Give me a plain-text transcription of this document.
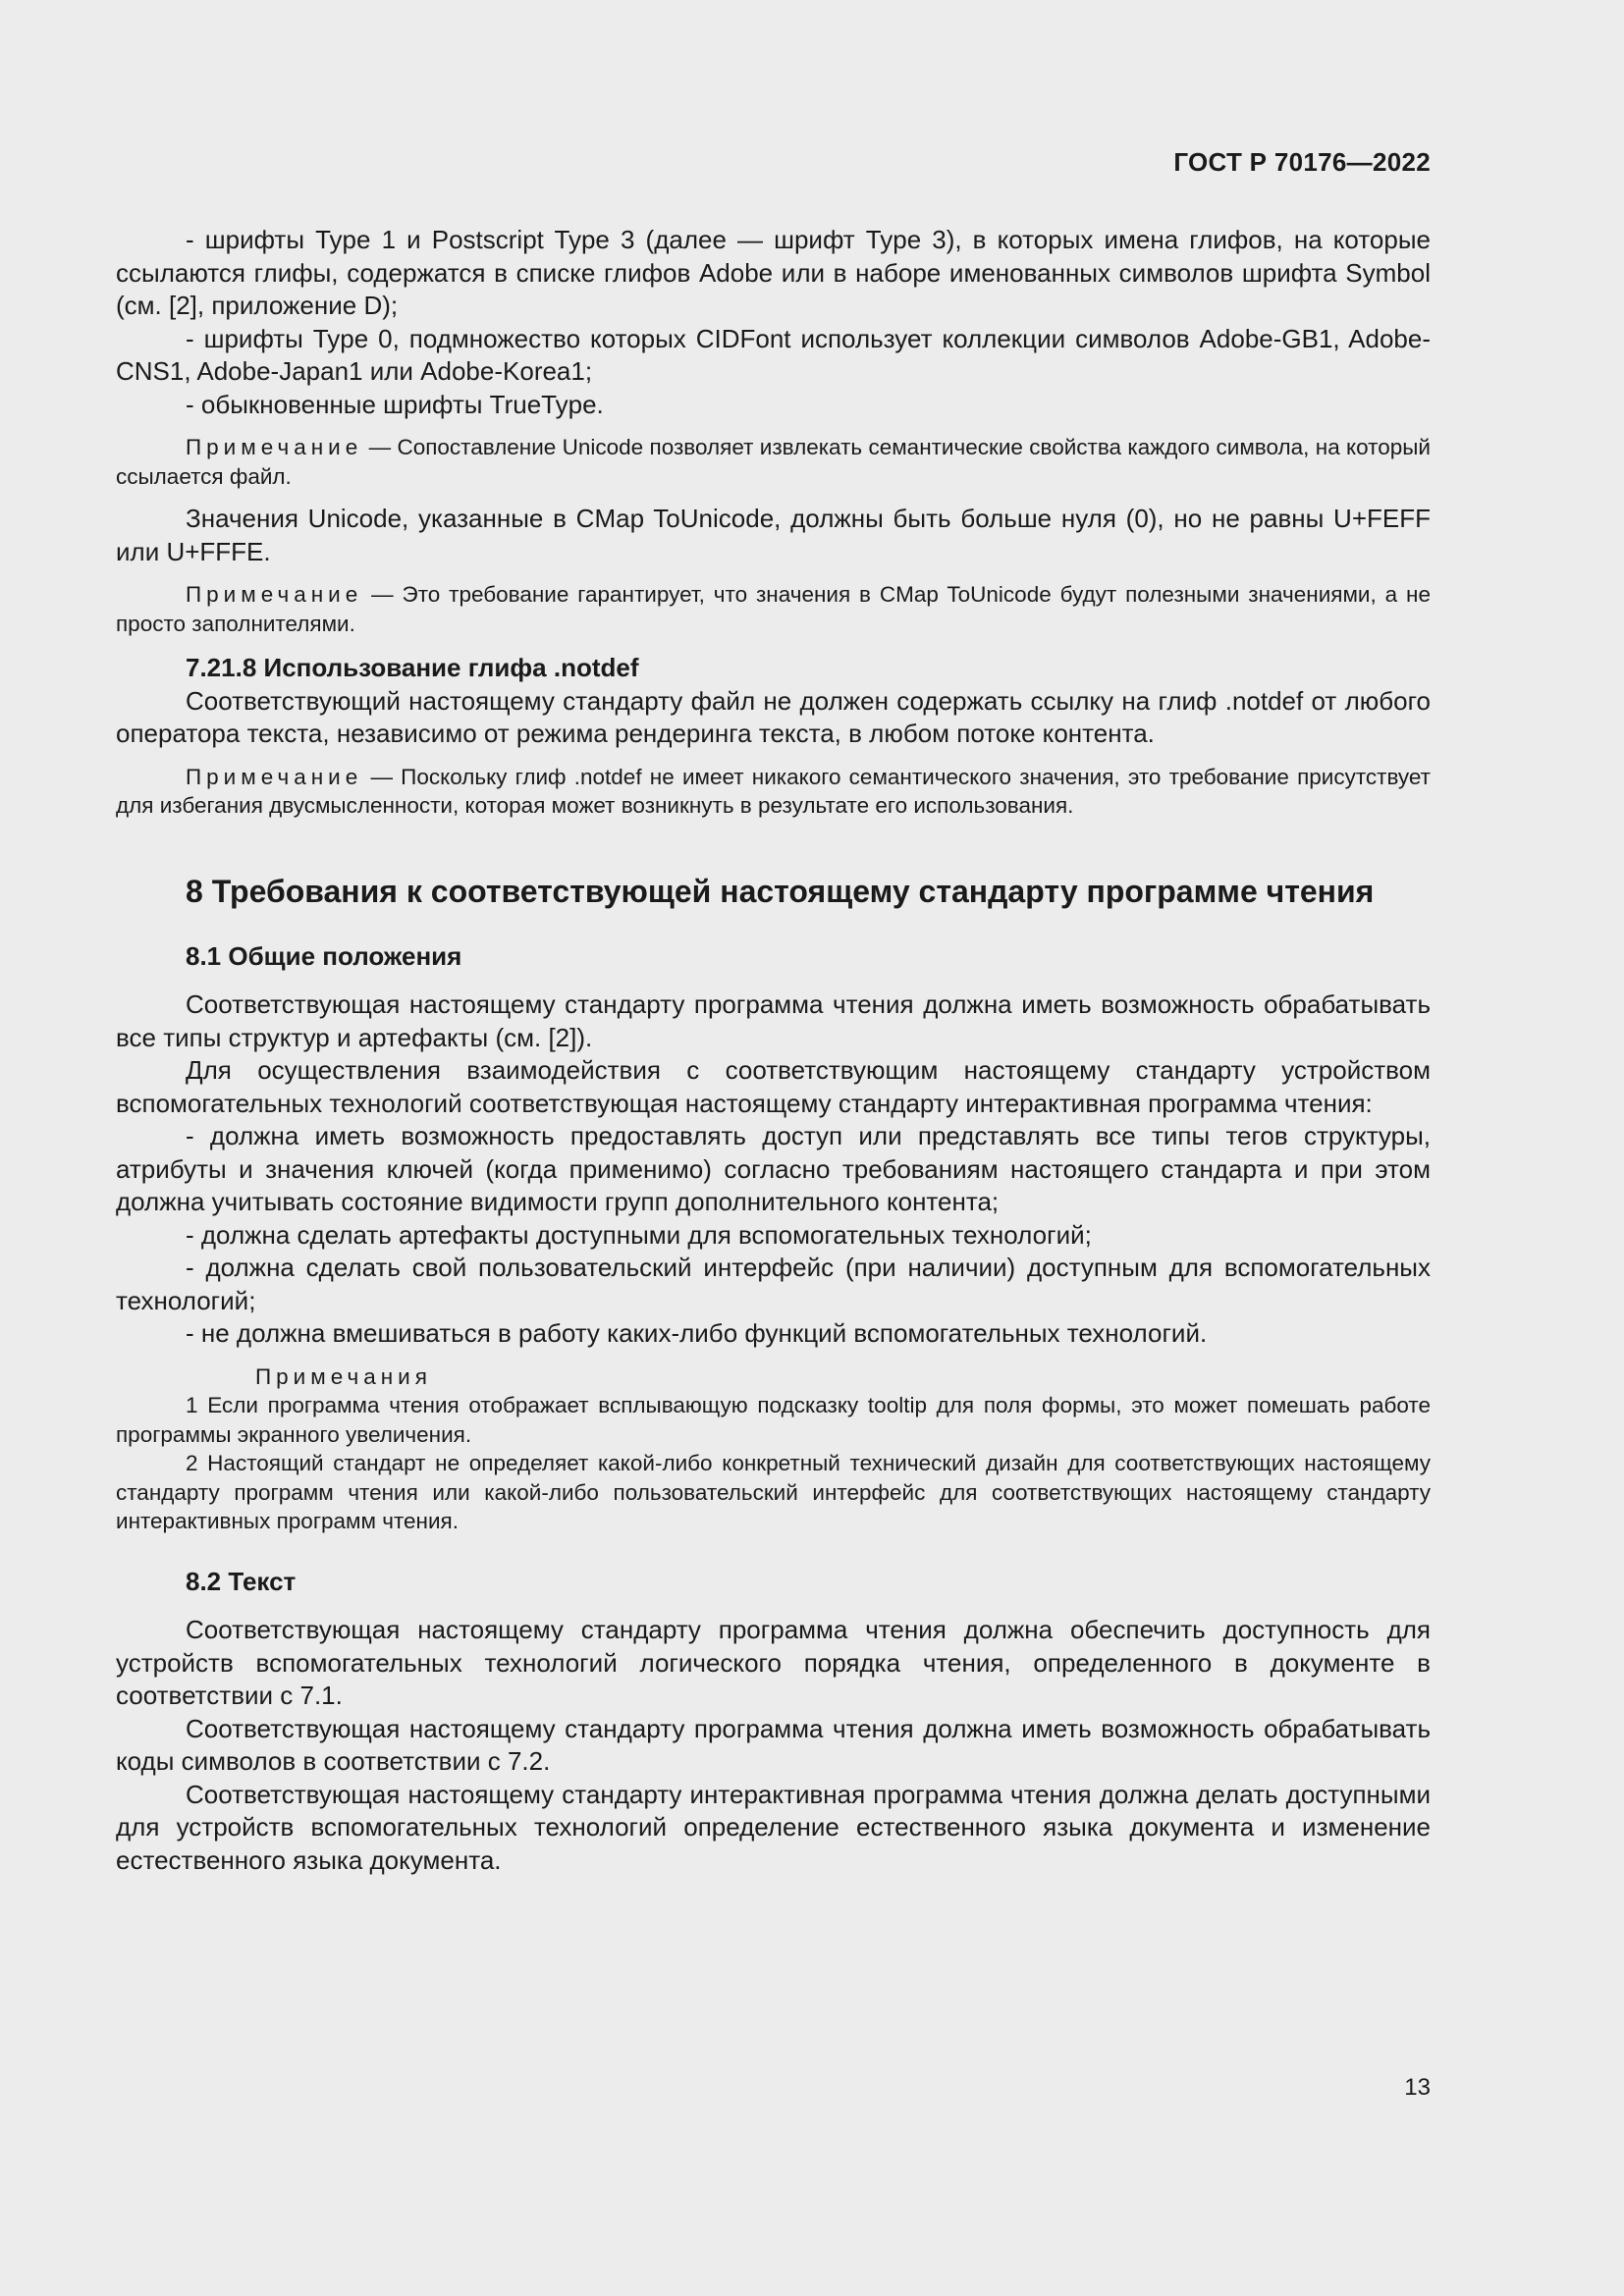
ГОСТ Р 70176—2022

- шрифты Type 1 и Postscript Type 3 (далее — шрифт Type 3), в которых имена глифов, на которые ссылаются глифы, содержатся в списке глифов Adobe или в наборе именованных символов шрифта Symbol (см. [2], приложение D);

- шрифты Type 0, подмножество которых CIDFont использует коллекции символов Adobe-GB1, Adobe-CNS1, Adobe-Japan1 или Adobe-Korea1;

- обыкновенные шрифты TrueType.

Примечание — Сопоставление Unicode позволяет извлекать семантические свойства каждого символа, на который ссылается файл.

Значения Unicode, указанные в CMap ToUnicode, должны быть больше нуля (0), но не равны U+FEFF или U+FFFE.

Примечание — Это требование гарантирует, что значения в CMap ToUnicode будут полезными значениями, а не просто заполнителями.

7.21.8 Использование глифа .notdef

Соответствующий настоящему стандарту файл не должен содержать ссылку на глиф .notdef от любого оператора текста, независимо от режима рендеринга текста, в любом потоке контента.

Примечание — Поскольку глиф .notdef не имеет никакого семантического значения, это требование присутствует для избегания двусмысленности, которая может возникнуть в результате его использования.

8 Требования к соответствующей настоящему стандарту программе чтения
8.1 Общие положения

Соответствующая настоящему стандарту программа чтения должна иметь возможность обрабатывать все типы структур и артефакты (см. [2]).

Для осуществления взаимодействия с соответствующим настоящему стандарту устройством вспомогательных технологий соответствующая настоящему стандарту интерактивная программа чтения:

- должна иметь возможность предоставлять доступ или представлять все типы тегов структуры, атрибуты и значения ключей (когда применимо) согласно требованиям настоящего стандарта и при этом должна учитывать состояние видимости групп дополнительного контента;

- должна сделать артефакты доступными для вспомогательных технологий;

- должна сделать свой пользовательский интерфейс (при наличии) доступным для вспомогательных технологий;

- не должна вмешиваться в работу каких-либо функций вспомогательных технологий.

Примечания

1 Если программа чтения отображает всплывающую подсказку tooltip для поля формы, это может помешать работе программы экранного увеличения.

2 Настоящий стандарт не определяет какой-либо конкретный технический дизайн для соответствующих настоящему стандарту программ чтения или какой-либо пользовательский интерфейс для соответствующих настоящему стандарту интерактивных программ чтения.

8.2 Текст

Соответствующая настоящему стандарту программа чтения должна обеспечить доступность для устройств вспомогательных технологий логического порядка чтения, определенного в документе в соответствии с 7.1.

Соответствующая настоящему стандарту программа чтения должна иметь возможность обрабатывать коды символов в соответствии с 7.2.

Соответствующая настоящему стандарту интерактивная программа чтения должна делать доступными для устройств вспомогательных технологий определение естественного языка документа и изменение естественного языка документа.

13
